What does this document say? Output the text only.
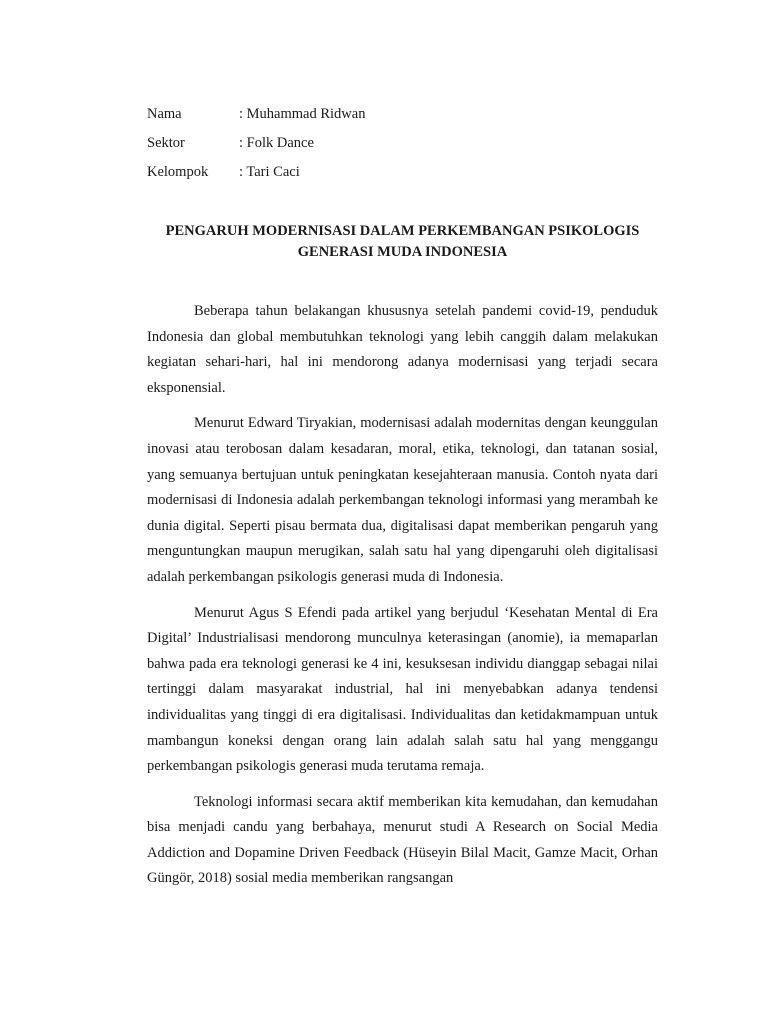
Nama	: Muhammad Ridwan
Sektor	: Folk Dance
Kelompok	: Tari Caci
PENGARUH MODERNISASI DALAM PERKEMBANGAN PSIKOLOGIS
GENERASI MUDA INDONESIA

Beberapa tahun belakangan khususnya setelah pandemi covid-19, penduduk Indonesia dan global membutuhkan teknologi yang lebih canggih dalam melakukan kegiatan sehari-hari, hal ini mendorong adanya modernisasi yang terjadi secara eksponensial.

Menurut Edward Tiryakian, modernisasi adalah modernitas dengan keunggulan inovasi atau terobosan dalam kesadaran, moral, etika, teknologi, dan tatanan sosial, yang semuanya bertujuan untuk peningkatan kesejahteraan manusia. Contoh nyata dari modernisasi di Indonesia adalah perkembangan teknologi informasi yang merambah ke dunia digital. Seperti pisau bermata dua, digitalisasi dapat memberikan pengaruh yang menguntungkan maupun merugikan, salah satu hal yang dipengaruhi oleh digitalisasi adalah perkembangan psikologis generasi muda di Indonesia.

Menurut Agus S Efendi pada artikel yang berjudul ‘Kesehatan Mental di Era Digital’ Industrialisasi mendorong munculnya keterasingan (anomie), ia memaparlan bahwa pada era teknologi generasi ke 4 ini, kesuksesan individu dianggap sebagai nilai tertinggi dalam masyarakat industrial, hal ini menyebabkan adanya tendensi individualitas yang tinggi di era digitalisasi. Individualitas dan ketidakmampuan untuk mambangun koneksi dengan orang lain adalah salah satu hal yang menggangu perkembangan psikologis generasi muda terutama remaja.

Teknologi informasi secara aktif memberikan kita kemudahan, dan kemudahan bisa menjadi candu yang berbahaya, menurut studi A Research on Social Media Addiction and Dopamine Driven Feedback (Hüseyin Bilal Macit, Gamze Macit, Orhan Güngör, 2018) sosial media memberikan rangsangan
